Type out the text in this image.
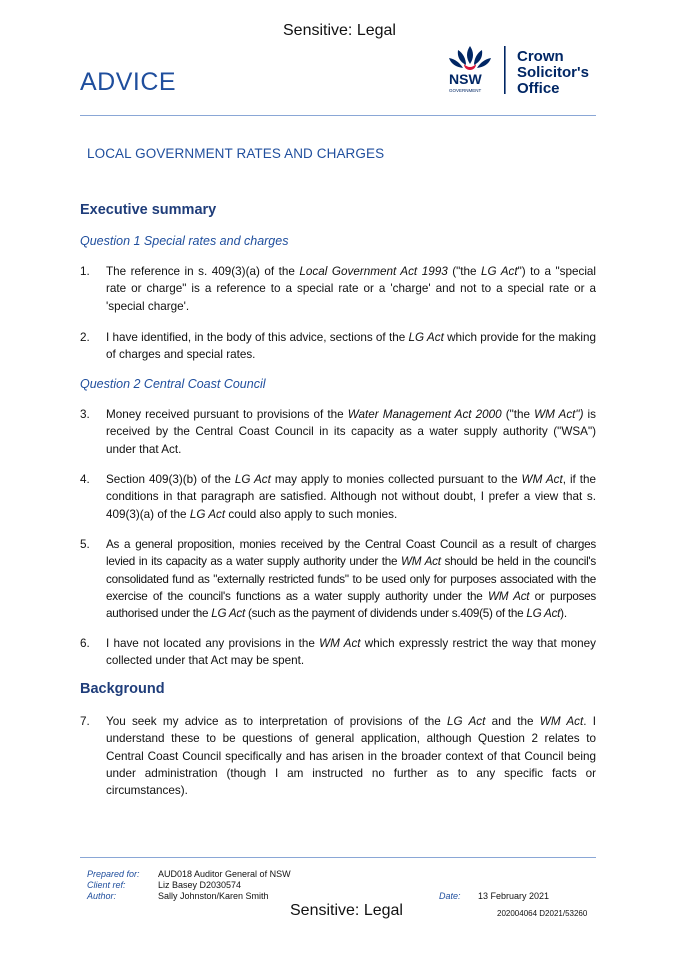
Sensitive: Legal
ADVICE	NSW
GOVERNMENT
Crown
Solicitor's
Office
LOCAL GOVERNMENT RATES AND CHARGES
Executive summary
Question 1 Special rates and charges
1.	The reference in s. 409(3)(a) of the Local Government Act 1993 ("the LG Act") to a "special rate or charge" is a reference to a special rate or a 'charge' and not to a special rate or a 'special charge'.
2.	I have identified, in the body of this advice, sections of the LG Act which provide for the making of charges and special rates.
Question 2 Central Coast Council
3.	Money received pursuant to provisions of the Water Management Act 2000 ("the WM Act") is received by the Central Coast Council in its capacity as a water supply authority ("WSA") under that Act.
4.	Section 409(3)(b) of the LG Act may apply to monies collected pursuant to the WM Act, if the conditions in that paragraph are satisfied. Although not without doubt, I prefer a view that s. 409(3)(a) of the LG Act could also apply to such monies.
5.	As a general proposition, monies received by the Central Coast Council as a result of charges levied in its capacity as a water supply authority under the WM Act should be held in the council's consolidated fund as "externally restricted funds" to be used only for purposes associated with the exercise of the council's functions as a water supply authority under the WM Act or purposes authorised under the LG Act (such as the payment of dividends under s.409(5) of the LG Act).
6.	I have not located any provisions in the WM Act which expressly restrict the way that money collected under that Act may be spent.
Background
7.	You seek my advice as to interpretation of provisions of the LG Act and the WM Act. I understand these to be questions of general application, although Question 2 relates to Central Coast Council specifically and has arisen in the broader context of that Council being under administration (though I am instructed no further as to any specific facts or circumstances).
Prepared for: AUD018 Auditor General of NSW
Client ref:	Liz Basey D2030574
Author:	Sally Johnston/Karen Smith	Date: 13 February 2021
Sensitive: Legal	202004064 D2021/53260
